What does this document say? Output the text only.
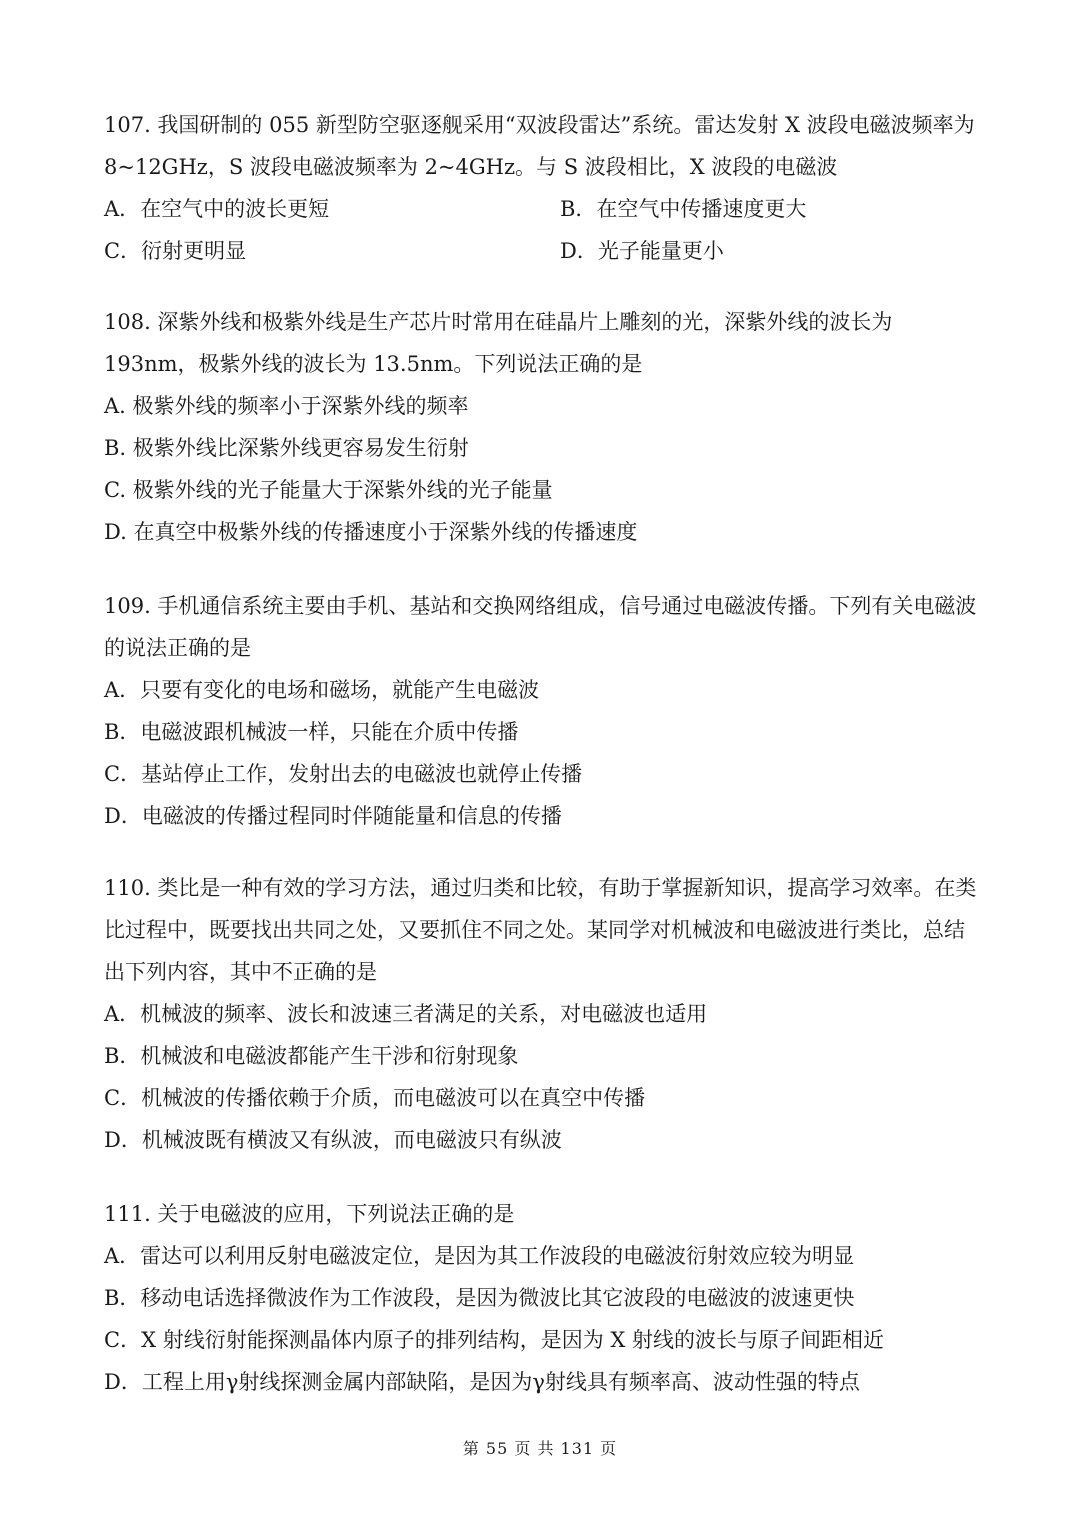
107. 我国研制的 055 新型防空驱逐舰采用“双波段雷达”系统。雷达发射 X 波段电磁波频率为 8~12GHz，S 波段电磁波频率为 2~4GHz。与 S 波段相比，X 波段的电磁波

A．在空气中的波长更短	B．在空气中传播速度更大
C．衍射更明显	D．光子能量更小

108. 深紫外线和极紫外线是生产芯片时常用在硅晶片上雕刻的光，深紫外线的波长为193nm，极紫外线的波长为 13.5nm。下列说法正确的是

A. 极紫外线的频率小于深紫外线的频率
B. 极紫外线比深紫外线更容易发生衍射
C. 极紫外线的光子能量大于深紫外线的光子能量
D. 在真空中极紫外线的传播速度小于深紫外线的传播速度

109. 手机通信系统主要由手机、基站和交换网络组成，信号通过电磁波传播。下列有关电磁波的说法正确的是

A．只要有变化的电场和磁场，就能产生电磁波
B．电磁波跟机械波一样，只能在介质中传播
C．基站停止工作，发射出去的电磁波也就停止传播
D．电磁波的传播过程同时伴随能量和信息的传播

110. 类比是一种有效的学习方法，通过归类和比较，有助于掌握新知识，提高学习效率。在类比过程中，既要找出共同之处，又要抓住不同之处。某同学对机械波和电磁波进行类比，总结出下列内容，其中不正确的是

A．机械波的频率、波长和波速三者满足的关系，对电磁波也适用
B．机械波和电磁波都能产生干涉和衍射现象
C．机械波的传播依赖于介质，而电磁波可以在真空中传播
D．机械波既有横波又有纵波，而电磁波只有纵波

111. 关于电磁波的应用，下列说法正确的是

A．雷达可以利用反射电磁波定位，是因为其工作波段的电磁波衍射效应较为明显
B．移动电话选择微波作为工作波段，是因为微波比其它波段的电磁波的波速更快
C．X 射线衍射能探测晶体内原子的排列结构，是因为 X 射线的波长与原子间距相近
D．工程上用γ射线探测金属内部缺陷，是因为γ射线具有频率高、波动性强的特点
第 55 页 共 131 页
